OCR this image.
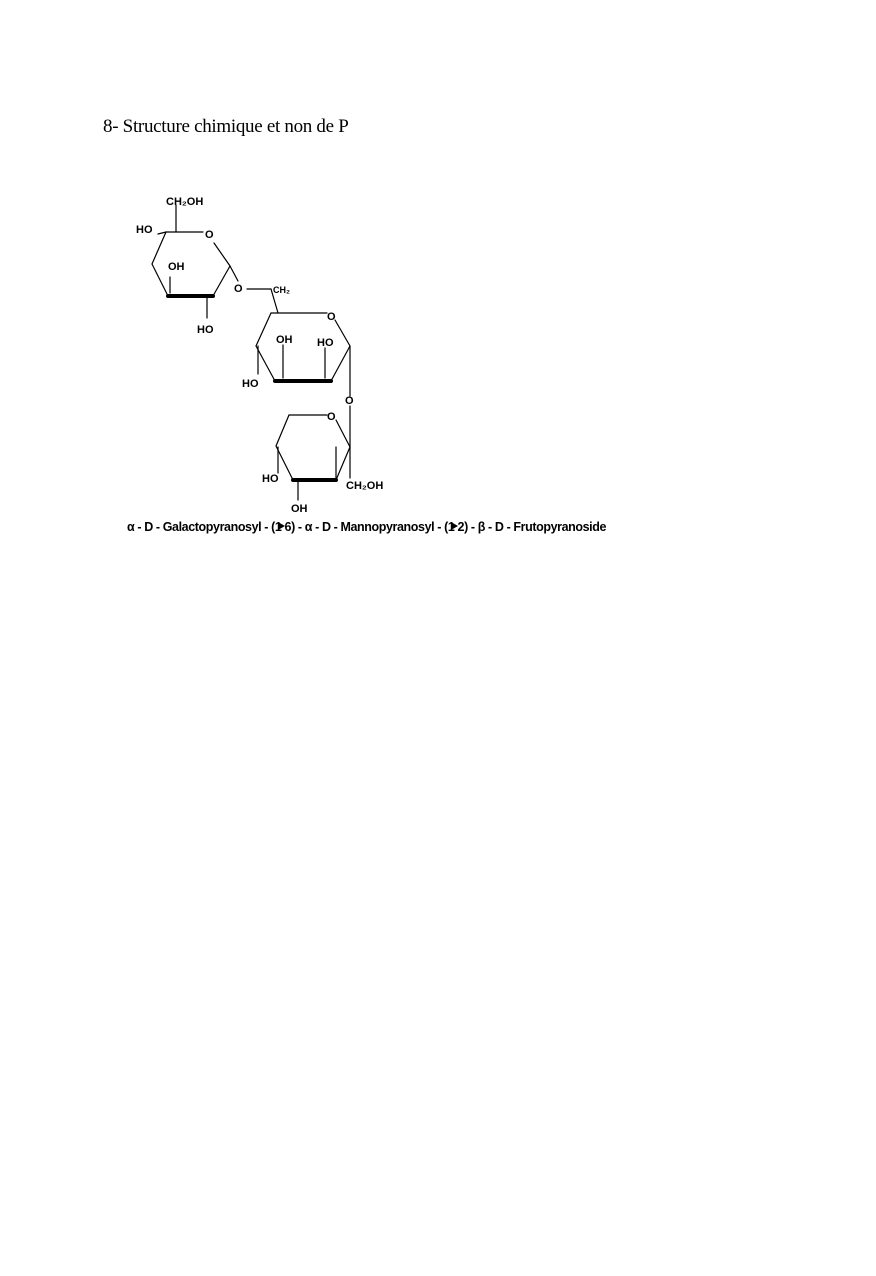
8- Structure chimique et non de P
CH₂OH
HO	O
OH
HO
O	CH₂
O
OH HO
HO
O
O
HO
OH
CH₂OH
α - D - Galactopyranosyl - (1 6) - α - D - Mannopyranosyl - (1 2) - β - D - Frutopyranoside
